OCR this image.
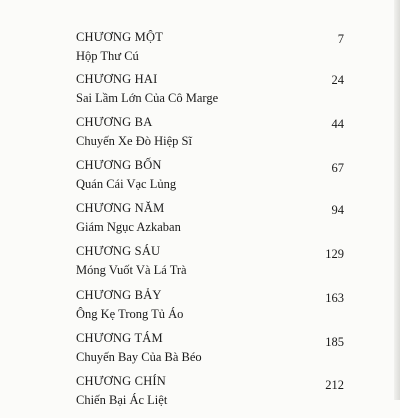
CHƯƠNG MỘT
Hộp Thư Cú
7
CHƯƠNG HAI
Sai Lầm Lớn Của Cô Marge
24
CHƯƠNG BA
Chuyến Xe Đò Hiệp Sĩ
44
CHƯƠNG BỐN
Quán Cái Vạc Lủng
67
CHƯƠNG NĂM
Giám Ngục Azkaban
94
CHƯƠNG SÁU
Móng Vuốt Và Lá Trà
129
CHƯƠNG BẢY
Ông Kẹ Trong Tủ Áo
163
CHƯƠNG TÁM
Chuyến Bay Của Bà Béo
185
CHƯƠNG CHÍN
Chiến Bại Ác Liệt
212
